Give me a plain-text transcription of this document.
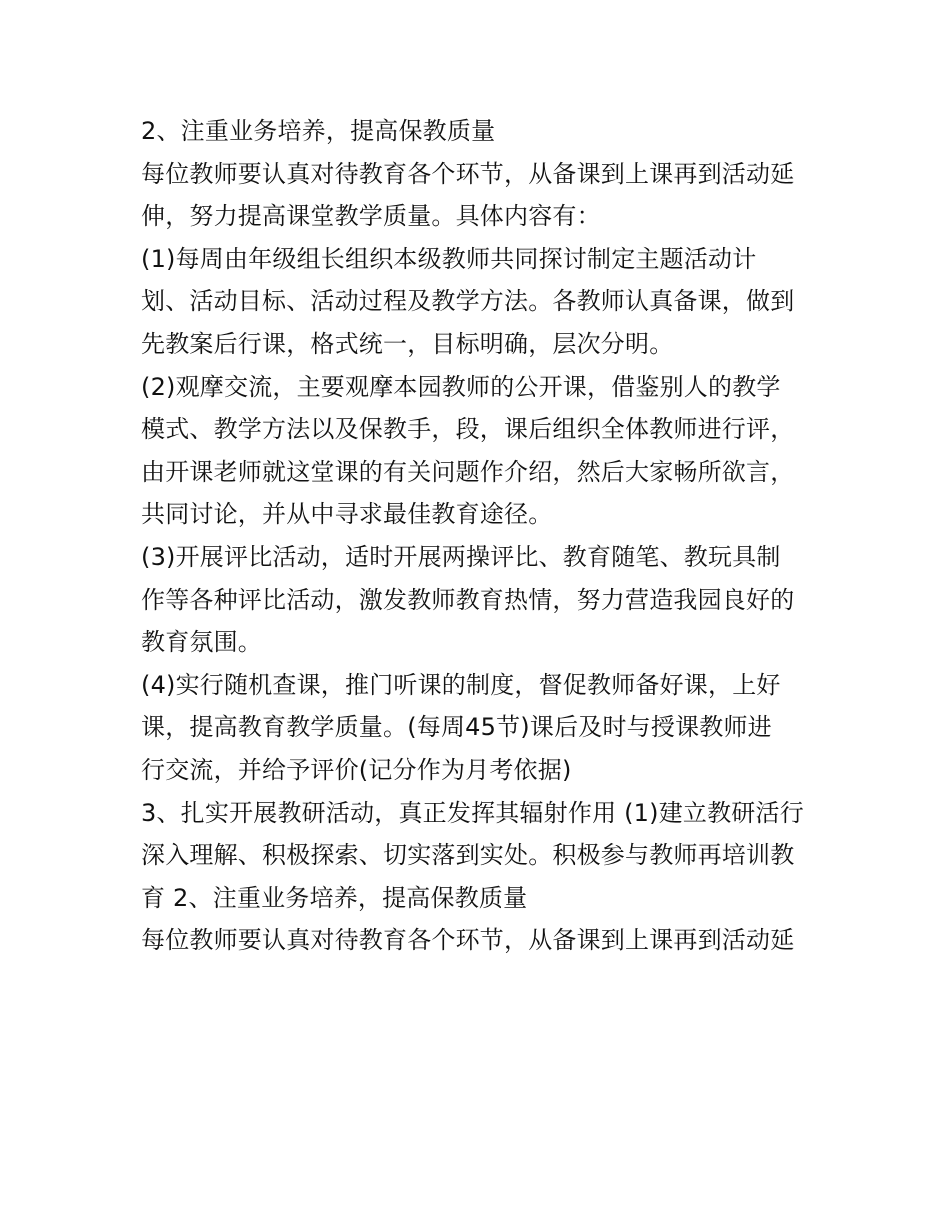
2、注重业务培养，提高保教质量
每位教师要认真对待教育各个环节，从备课到上课再到活动延
伸，努力提高课堂教学质量。具体内容有：
(1)每周由年级组长组织本级教师共同探讨制定主题活动计
划、活动目标、活动过程及教学方法。各教师认真备课，做到
先教案后行课，格式统一，目标明确，层次分明。
(2)观摩交流，主要观摩本园教师的公开课，借鉴别人的教学
模式、教学方法以及保教手，段，课后组织全体教师进行评，
由开课老师就这堂课的有关问题作介绍，然后大家畅所欲言，
共同讨论，并从中寻求最佳教育途径。
(3)开展评比活动，适时开展两操评比、教育随笔、教玩具制
作等各种评比活动，激发教师教育热情，努力营造我园良好的
教育氛围。
(4)实行随机查课，推门听课的制度，督促教师备好课，上好
课，提高教育教学质量。(每周45节)课后及时与授课教师进
行交流，并给予评价(记分作为月考依据)
3、扎实开展教研活动，真正发挥其辐射作用 (1)建立教研活行
深入理解、积极探索、切实落到实处。积极参与教师再培训教
育 2、注重业务培养，提高保教质量
每位教师要认真对待教育各个环节，从备课到上课再到活动延
